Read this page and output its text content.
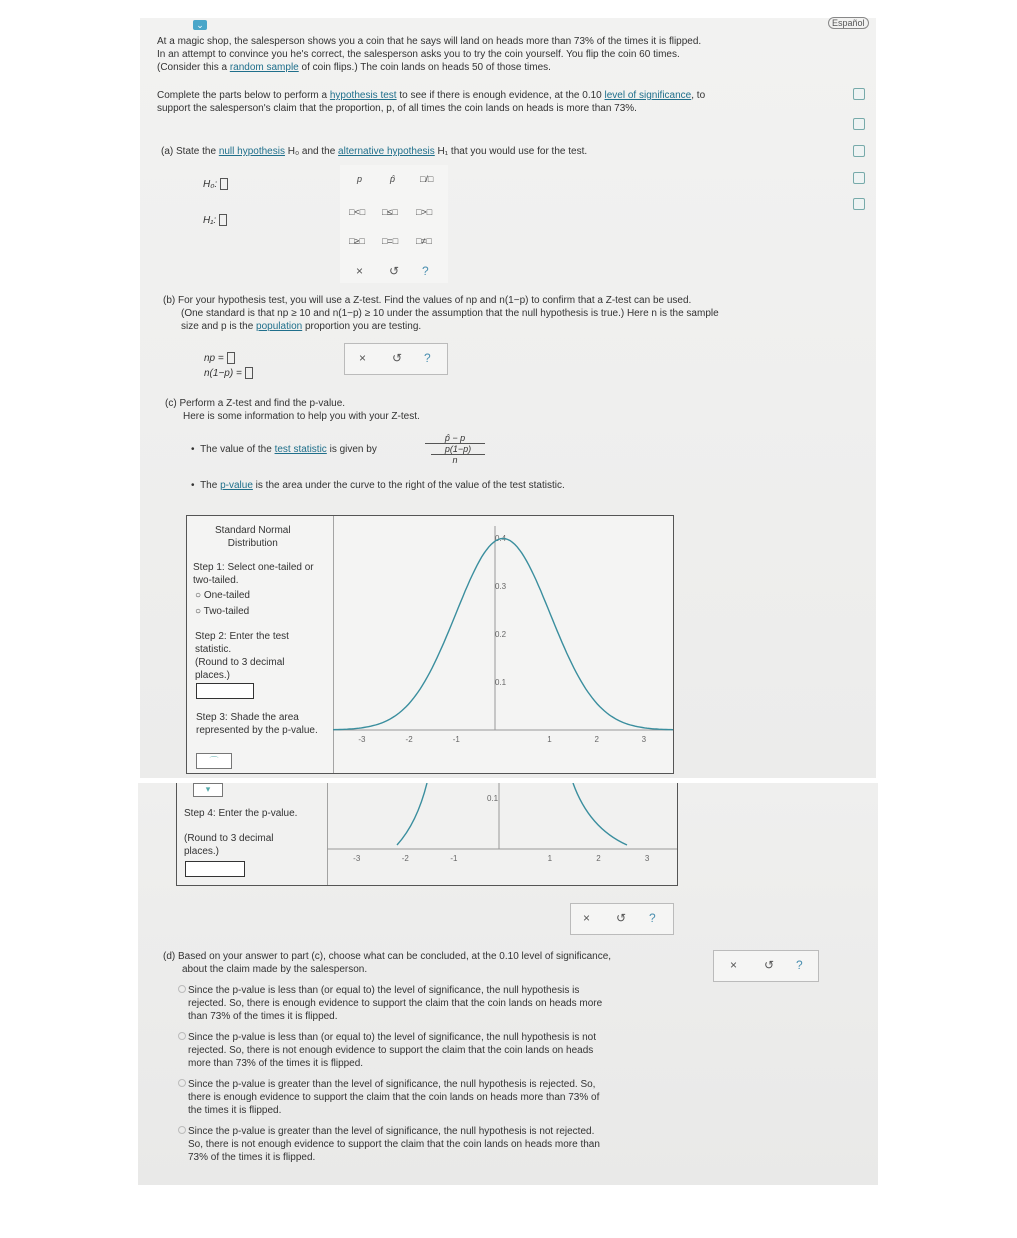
⌄	Español
At a magic shop, the salesperson shows you a coin that he says will land on heads more than 73% of the times it is flipped.
In an attempt to convince you he's correct, the salesperson asks you to try the coin yourself. You flip the coin 60 times.
(Consider this a random sample of coin flips.) The coin lands on heads 50 of those times.
Complete the parts below to perform a hypothesis test to see if there is enough evidence, at the 0.10 level of significance, to
support the salesperson's claim that the proportion, p, of all times the coin lands on heads is more than 73%.
(a) State the null hypothesis H₀ and the alternative hypothesis H₁ that you would use for the test.
H₀:
H₁:
p	p̂	□/□
□<□ □≤□ □>□
□≥□ □=□ □≠□
× ↺ ?
(b) For your hypothesis test, you will use a Z-test. Find the values of np and n(1−p) to confirm that a Z-test can be used.
(One standard is that np ≥ 10 and n(1−p) ≥ 10 under the assumption that the null hypothesis is true.) Here n is the sample
size and p is the population proportion you are testing.
np =
n(1−p) =
× ↺ ?
(c) Perform a Z-test and find the p-value.
Here is some information to help you with your Z-test.
•  The value of the test statistic is given by
p̂ − p
p(1−p)
n
•  The p-value is the area under the curve to the right of the value of the test statistic.
Standard Normal
Distribution
Step 1: Select one-tailed or two-tailed.
○ One-tailed
○ Two-tailed
Step 2: Enter the test statistic.
(Round to 3 decimal places.)
Step 3: Shade the area represented by the p-value.
⌒
-3	-2	-1	1	2	3
0.1
0.2
0.3
0.4
▾
Step 4: Enter the p-value.
(Round to 3 decimal places.)
0.1
-3	-2	-1	1	2	3
× ↺ ?
(d) Based on your answer to part (c), choose what can be concluded, at the 0.10 level of significance,
about the claim made by the salesperson.	× ↺ ?
Since the p-value is less than (or equal to) the level of significance, the null hypothesis is
rejected. So, there is enough evidence to support the claim that the coin lands on heads more
than 73% of the times it is flipped.
Since the p-value is less than (or equal to) the level of significance, the null hypothesis is not
rejected. So, there is not enough evidence to support the claim that the coin lands on heads
more than 73% of the times it is flipped.
Since the p-value is greater than the level of significance, the null hypothesis is rejected. So,
there is enough evidence to support the claim that the coin lands on heads more than 73% of
the times it is flipped.
Since the p-value is greater than the level of significance, the null hypothesis is not rejected.
So, there is not enough evidence to support the claim that the coin lands on heads more than
73% of the times it is flipped.
